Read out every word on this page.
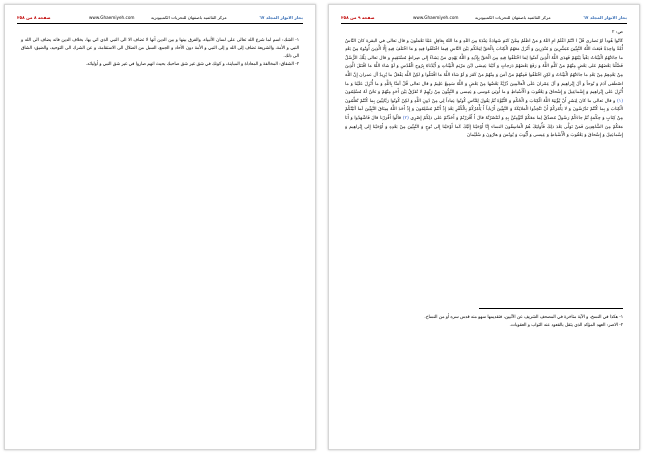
صفحة ٨ من ٣٥٨	www.Ghaemiyeh.com	مركز القائمية باصفهان للتحريات الكمبيوترية	بحار الانوار المجلد ٦٧

١- الشك: اسم لما شرع الله تعالى على لسان الأنبياء، والفرق بينها و بين الدين أنها لا تضاف الا الى النبي الذي اتي بها، بخلاف الدين فانه يضاف الى الله و النبي و الأمة، والشريعة تضاف إلى الله و إلى النبي و الأمة دون الأحاد و الجمع، السبل من الضلال الى الاستقامة، و عن الشرك الى التوحيد، والضيق: الشاق الى ذلك.

٢- الشقاق: المخالفة و المعاداة و المباينة، و كونك في شق غير شق صاحبك بحيث انهم صاروا في غير شق النبي و أوليائه.

صفحة ٩ من ٣٥٨	www.Ghaemiyeh.com	مركز القائمية باصفهان للتحريات الكمبيوترية	بحار الانوار المجلد ٦٧

ص: ٢

كَانُوا هُوداً أَوْ نَصارى قُلْ أَ أَنْتُمْ أَعْلَمُ أَمِ اللَّهُ وَ مَنْ أَظْلَمُ مِمَّنْ كَتَمَ شَهادَةً عِنْدَهُ مِنَ اللَّهِ وَ مَا اللَّهُ بِغافِلٍ عَمَّا تَعْمَلُونَ و قال تعالى في البقرة كانَ النَّاسُ أُمَّةً واحِدَةً فَبَعَثَ اللَّهُ النَّبِيِّينَ مُبَشِّرِينَ وَ مُنْذِرِينَ وَ أَنْزَلَ مَعَهُمُ الْكِتابَ بِالْحَقِّ لِيَحْكُمَ بَيْنَ النَّاسِ فِيمَا اخْتَلَفُوا فِيهِ وَ مَا اخْتَلَفَ فِيهِ إِلَّا الَّذِينَ أُوتُوهُ مِنْ بَعْدِ ما جاءَتْهُمُ الْبَيِّناتُ بَغْياً بَيْنَهُمْ فَهَدَى اللَّهُ الَّذِينَ آمَنُوا لِمَا اخْتَلَفُوا فِيهِ مِنَ الْحَقِّ بِإِذْنِهِ وَ اللَّهُ يَهْدِي مَنْ يَشاءُ إِلى صِراطٍ مُسْتَقِيمٍ و قال تعالى تِلْكَ الرُّسُلُ فَضَّلْنا بَعْضَهُمْ عَلى بَعْضٍ مِنْهُمْ مَنْ كَلَّمَ اللَّهُ وَ رَفَعَ بَعْضَهُمْ دَرَجاتٍ وَ آتَيْنا عِيسَى ابْنَ مَرْيَمَ الْبَيِّناتِ وَ أَيَّدْناهُ بِرُوحِ الْقُدُسِ وَ لَوْ شاءَ اللَّهُ مَا اقْتَتَلَ الَّذِينَ مِنْ بَعْدِهِمْ مِنْ بَعْدِ ما جاءَتْهُمُ الْبَيِّناتُ وَ لكِنِ اخْتَلَفُوا فَمِنْهُمْ مَنْ آمَنَ وَ مِنْهُمْ مَنْ كَفَرَ وَ لَوْ شاءَ اللَّهُ مَا اقْتَتَلُوا وَ لكِنَّ اللَّهَ يَفْعَلُ ما يُرِيدُ آل عمران إِنَّ اللَّهَ اصْطَفى آدَمَ وَ نُوحاً وَ آلَ إِبْراهِيمَ وَ آلَ عِمْرانَ عَلَى الْعالَمِينَ ذُرِّيَّةً بَعْضُها مِنْ بَعْضٍ وَ اللَّهُ سَمِيعٌ عَلِيمٌ و قال تعالى قُلْ آمَنَّا بِاللَّهِ وَ ما أُنْزِلَ عَلَيْنا وَ ما أُنْزِلَ عَلى إِبْراهِيمَ وَ إِسْماعِيلَ وَ إِسْحاقَ وَ يَعْقُوبَ وَ الْأَسْباطِ وَ ما أُوتِيَ مُوسى وَ عِيسى وَ النَّبِيُّونَ مِنْ رَبِّهِمْ لا نُفَرِّقُ بَيْنَ أَحَدٍ مِنْهُمْ وَ نَحْنُ لَهُ مُسْلِمُونَ (١) و قال تعالى ما كانَ لِبَشَرٍ أَنْ يُؤْتِيَهُ اللَّهُ الْكِتابَ وَ الْحُكْمَ وَ النُّبُوَّةَ ثُمَّ يَقُولَ لِلنَّاسِ كُونُوا عِباداً لِي مِنْ دُونِ اللَّهِ وَ لكِنْ كُونُوا رَبَّانِيِّينَ بِما كُنْتُمْ تُعَلِّمُونَ الْكِتابَ وَ بِما كُنْتُمْ تَدْرُسُونَ وَ لا يَأْمُرَكُمْ أَنْ تَتَّخِذُوا الْمَلائِكَةَ وَ النَّبِيِّينَ أَرْباباً أَ يَأْمُرُكُمْ بِالْكُفْرِ بَعْدَ إِذْ أَنْتُمْ مُسْلِمُونَ وَ إِذْ أَخَذَ اللَّهُ مِيثاقَ النَّبِيِّينَ لَما آتَيْتُكُمْ مِنْ كِتابٍ وَ حِكْمَةٍ ثُمَّ جاءَكُمْ رَسُولٌ مُصَدِّقٌ لِما مَعَكُمْ لَتُؤْمِنُنَّ بِهِ وَ لَتَنْصُرُنَّهُ قالَ أَ أَقْرَرْتُمْ وَ أَخَذْتُمْ عَلى ذلِكُمْ إِصْرِي (٢) قالُوا أَقْرَرْنا قالَ فَاشْهَدُوا وَ أَنَا مَعَكُمْ مِنَ الشَّاهِدِينَ فَمَنْ تَوَلَّى بَعْدَ ذلِكَ فَأُولئِكَ هُمُ الْفاسِقُونَ النساء إِنَّا أَوْحَيْنا إِلَيْكَ كَما أَوْحَيْنا إِلى نُوحٍ وَ النَّبِيِّينَ مِنْ بَعْدِهِ وَ أَوْحَيْنا إِلى إِبْراهِيمَ وَ إِسْماعِيلَ وَ إِسْحاقَ وَ يَعْقُوبَ وَ الْأَسْباطِ وَ عِيسى وَ أَيُّوبَ وَ يُونُسَ وَ هارُونَ وَ سُلَيْمانَ

١- هكذا في النسخ، و الآية متاخرة في المصحف الشريف عن الآتيين، فتقديمها سهو منه قدس سره أو من النساخ.

٢- الاصر: العهد المؤكد الذي يثقل بالقعود عنه الثواب و العقوبات.
